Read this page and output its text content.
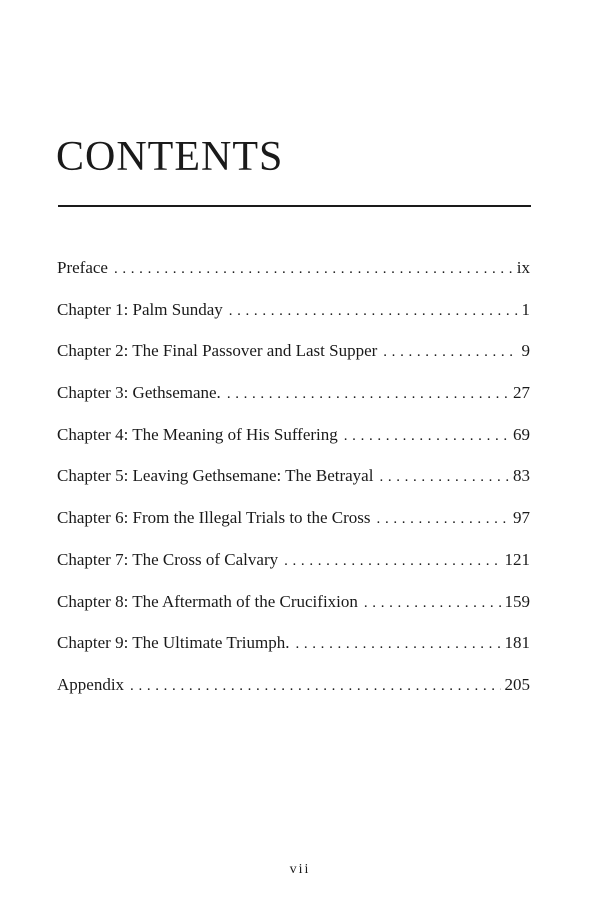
CONTENTS
Preface . . .	ix
Chapter 1: Palm Sunday . . .	1
Chapter 2: The Final Passover and Last Supper . . .	9
Chapter 3: Gethsemane. . . .	27
Chapter 4: The Meaning of His Suffering . . .	69
Chapter 5: Leaving Gethsemane: The Betrayal . . .	83
Chapter 6: From the Illegal Trials to the Cross . . .	97
Chapter 7: The Cross of Calvary . . .	121
Chapter 8: The Aftermath of the Crucifixion . . .	159
Chapter 9: The Ultimate Triumph. . . .	181
Appendix . . .	205
vii
